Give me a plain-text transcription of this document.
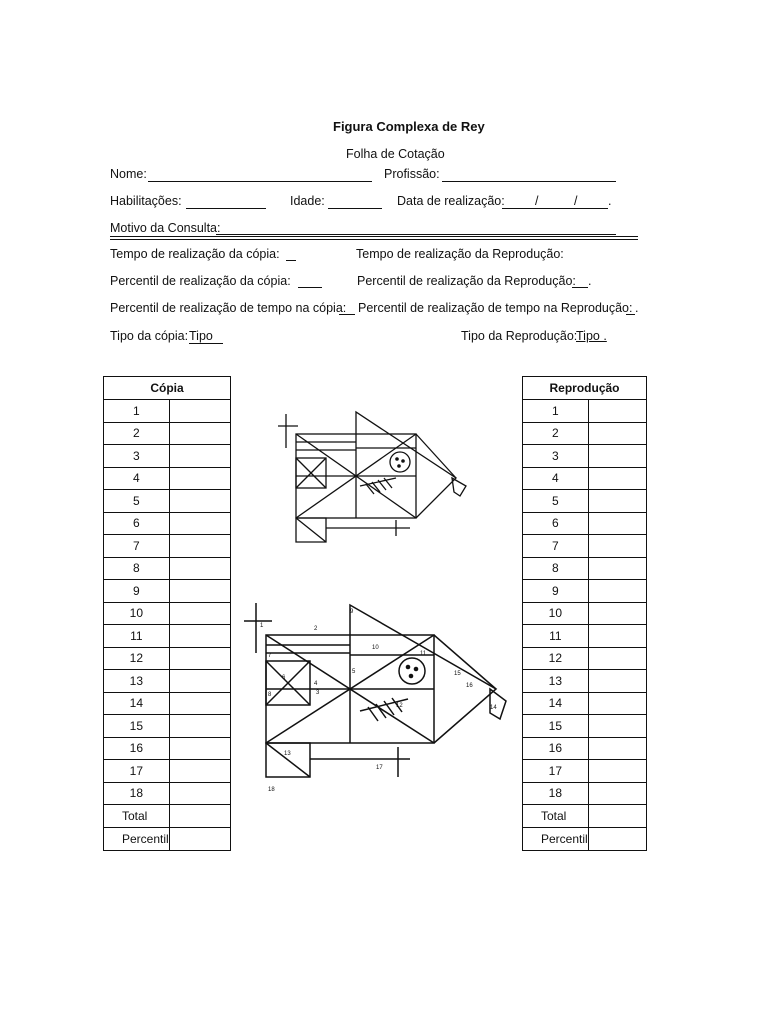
Figura Complexa de Rey
Folha de Cotação
Nome:	Profissão:
Habilitações:	Idade:	Data de realização: /	/ .
Motivo da Consulta:
Tempo de realização da cópia:	Tempo de realização da Reprodução:
Percentil de realização da cópia:	Percentil de realização da Reprodução: .
Percentil de realização de tempo na cópia: Percentil de realização de tempo na Reprodução: .
Tipo da cópia: Tipo	Tipo da Reprodução:
Tipo .
Cópia	
1	
2	
3	
4	
5	
6	
7	
8	
9	
10	
11	
12	
13	
14	
15	
16	
17	
18	
Total	
Percentil	
Reprodução	
1	
2	
3	
4	
5	
6	
7	
8	
9	
10	
11	
12	
13	
14	
15	
16	
17	
18	
Total	
Percentil	
1	2
3
4
5
6
7
8
9
10
11
12
13
14
15
16
17
18
